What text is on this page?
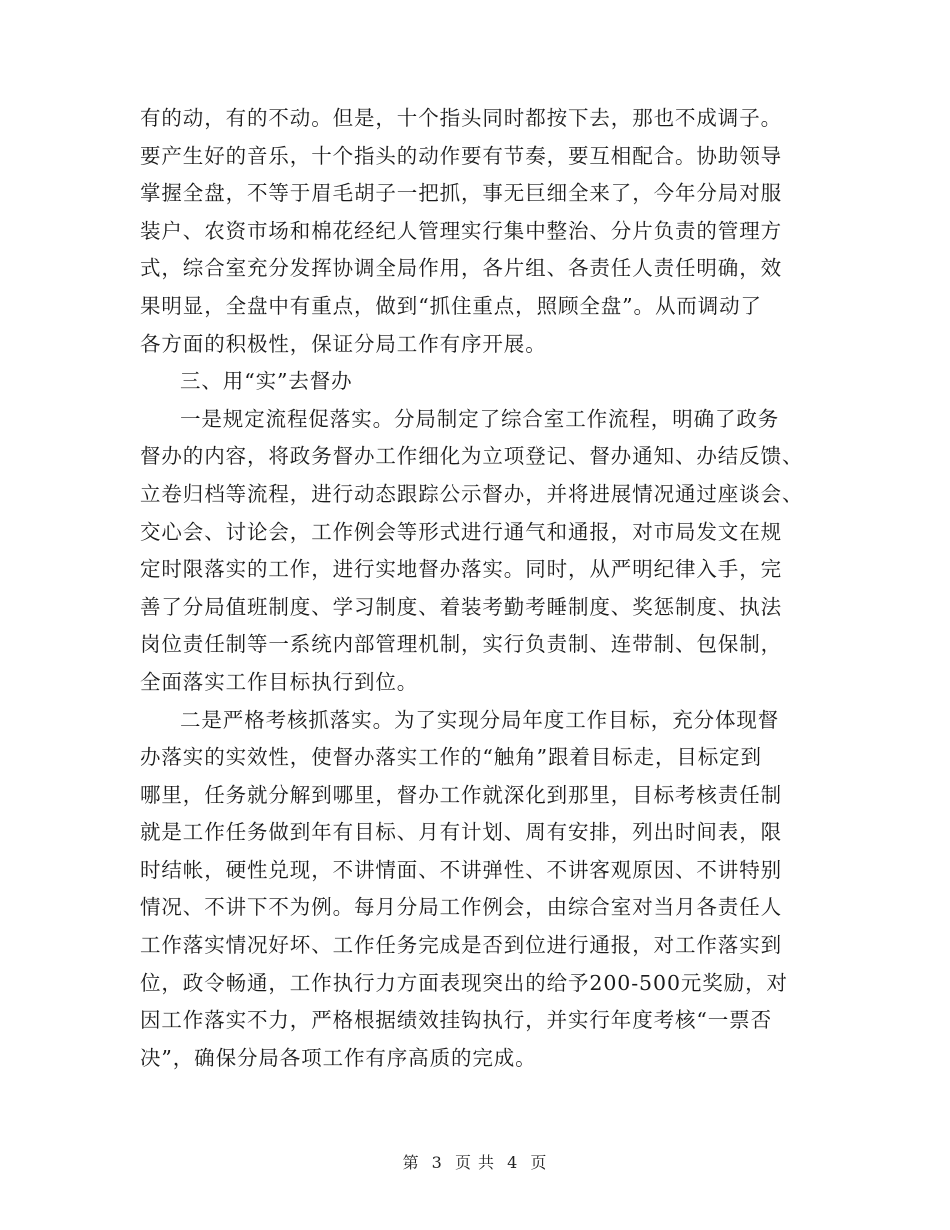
有的动，有的不动。但是，十个指头同时都按下去，那也不成调子。
要产生好的音乐，十个指头的动作要有节奏，要互相配合。协助领导
掌握全盘，不等于眉毛胡子一把抓，事无巨细全来了，今年分局对服
装户、农资市场和棉花经纪人管理实行集中整治、分片负责的管理方
式，综合室充分发挥协调全局作用，各片组、各责任人责任明确，效
果明显，全盘中有重点，做到“抓住重点，照顾全盘”。从而调动了
各方面的积极性，保证分局工作有序开展。
三、用“实”去督办
一是规定流程促落实。分局制定了综合室工作流程，明确了政务
督办的内容，将政务督办工作细化为立项登记、督办通知、办结反馈、
立卷归档等流程，进行动态跟踪公示督办，并将进展情况通过座谈会、
交心会、讨论会，工作例会等形式进行通气和通报，对市局发文在规
定时限落实的工作，进行实地督办落实。同时，从严明纪律入手，完
善了分局值班制度、学习制度、着装考勤考睡制度、奖惩制度、执法
岗位责任制等一系统内部管理机制，实行负责制、连带制、包保制，
全面落实工作目标执行到位。
二是严格考核抓落实。为了实现分局年度工作目标，充分体现督
办落实的实效性，使督办落实工作的“触角”跟着目标走，目标定到
哪里，任务就分解到哪里，督办工作就深化到那里，目标考核责任制
就是工作任务做到年有目标、月有计划、周有安排，列出时间表，限
时结帐，硬性兑现，不讲情面、不讲弹性、不讲客观原因、不讲特别
情况、不讲下不为例。每月分局工作例会，由综合室对当月各责任人
工作落实情况好坏、工作任务完成是否到位进行通报，对工作落实到
位，政令畅通，工作执行力方面表现突出的给予200-500元奖励，对
因工作落实不力，严格根据绩效挂钩执行，并实行年度考核“一票否
决”，确保分局各项工作有序高质的完成。
第 3 页 共 4 页
